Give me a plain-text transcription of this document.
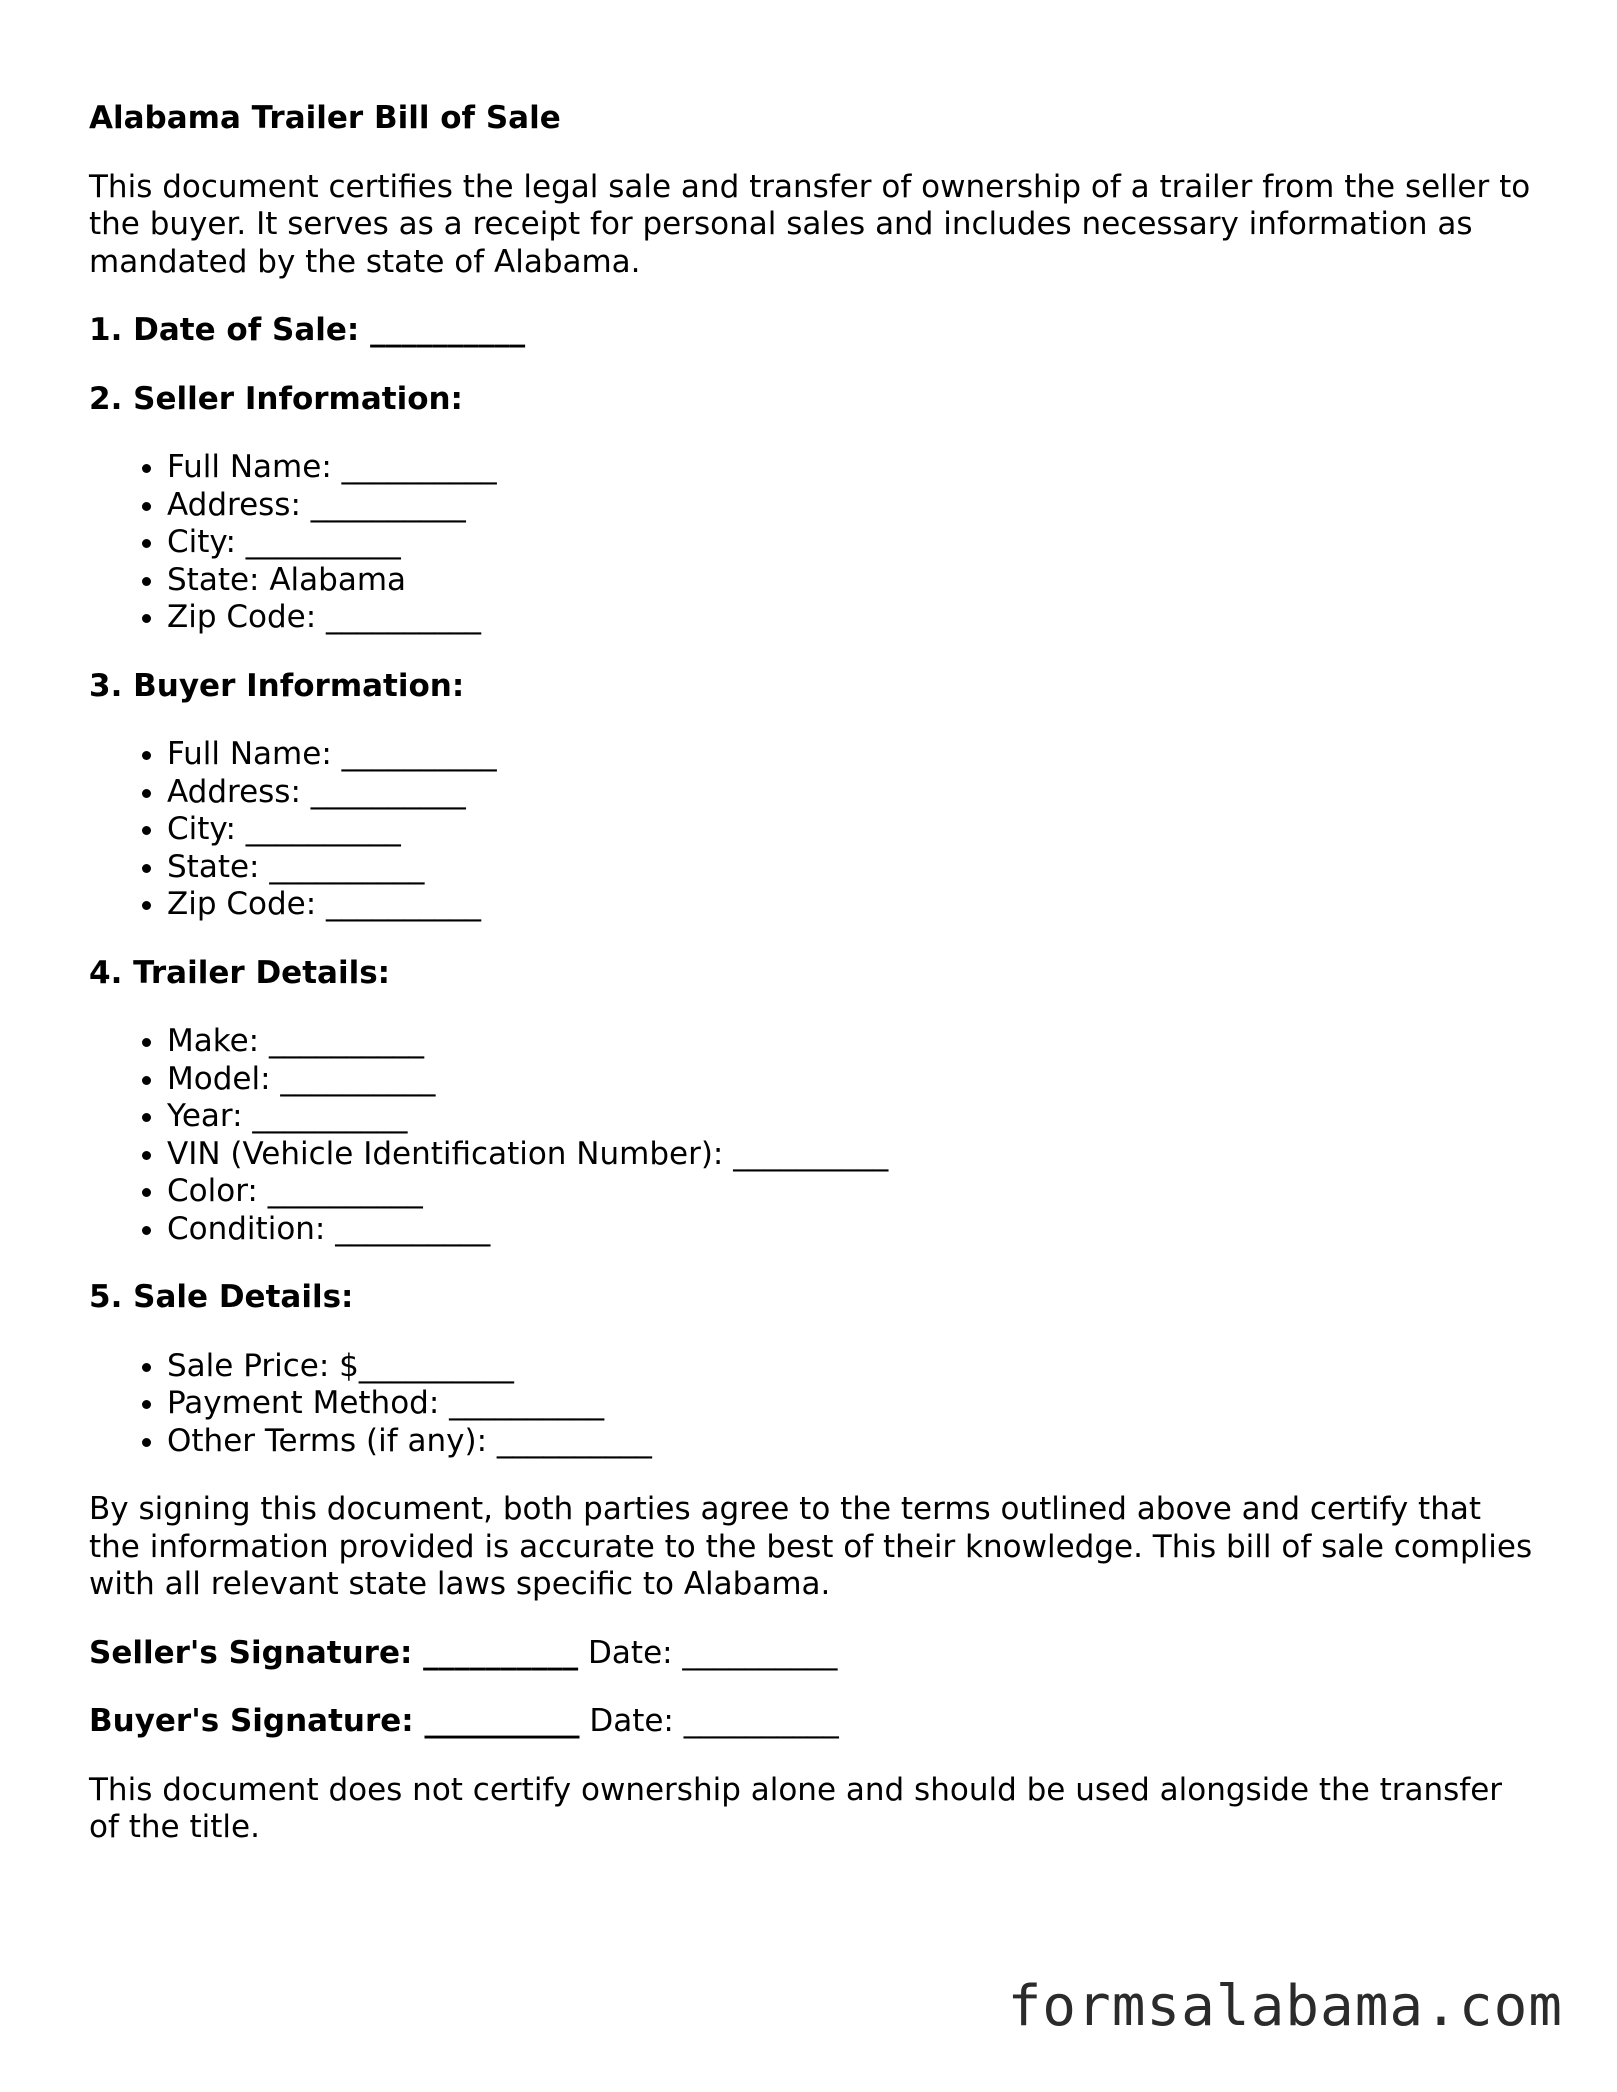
Alabama Trailer Bill of Sale

This document certifies the legal sale and transfer of ownership of a trailer from the seller to the buyer. It serves as a receipt for personal sales and includes necessary information as mandated by the state of Alabama.

1. Date of Sale: __________
2. Seller Information:
• Full Name: __________
• Address: __________
• City: __________
• State: Alabama
• Zip Code: __________
3. Buyer Information:
• Full Name: __________
• Address: __________
• City: __________
• State: __________
• Zip Code: __________
4. Trailer Details:
• Make: __________
• Model: __________
• Year: __________
• VIN (Vehicle Identification Number): __________
• Color: __________
• Condition: __________
5. Sale Details:
• Sale Price: $__________
• Payment Method: __________
• Other Terms (if any): __________

By signing this document, both parties agree to the terms outlined above and certify that the information provided is accurate to the best of their knowledge. This bill of sale complies with all relevant state laws specific to Alabama.

Seller's Signature: __________ Date: __________
Buyer's Signature: __________ Date: __________

This document does not certify ownership alone and should be used alongside the transfer of the title.

formsalabama.com
